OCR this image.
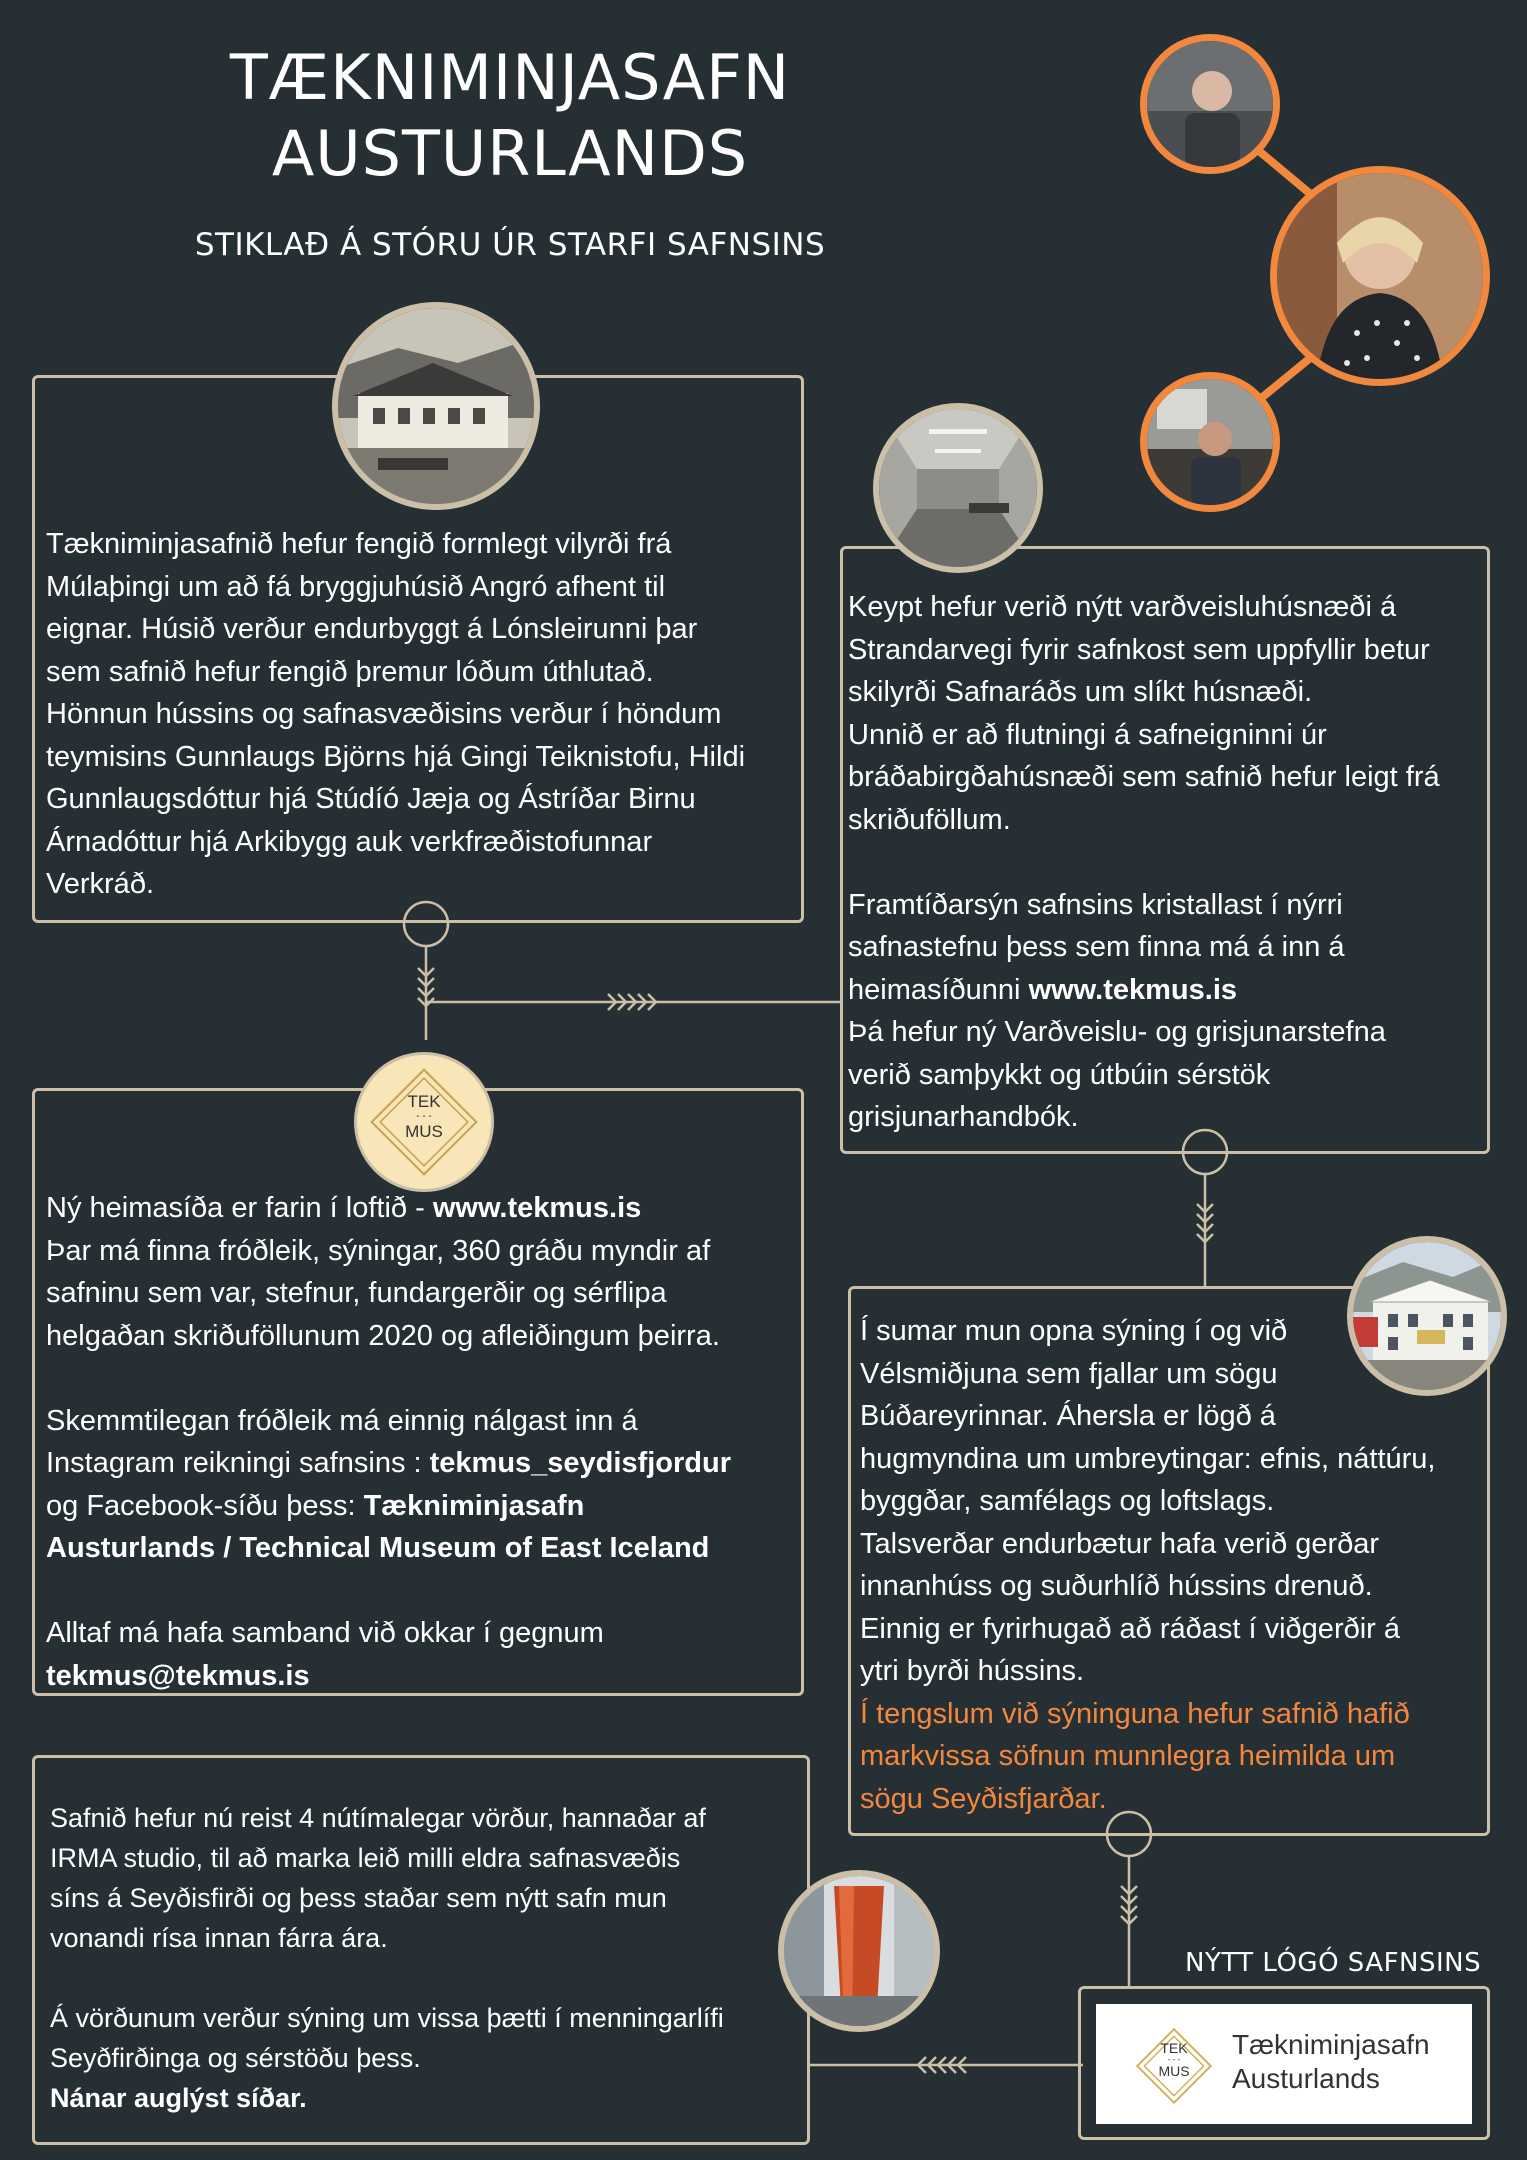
TÆKNIMINJASAFN
AUSTURLANDS
STIKLAÐ Á STÓRU ÚR STARFI SAFNSINS

Tækniminjasafnið hefur fengið formlegt vilyrði frá

Múlaþingi um að fá bryggjuhúsið Angró afhent til

eignar. Húsið verður endurbyggt á Lónsleirunni þar

sem safnið hefur fengið þremur lóðum úthlutað.

Hönnun hússins og safnasvæðisins verður í höndum

teymisins Gunnlaugs Björns hjá Gingi Teiknistofu, Hildi

Gunnlaugsdóttur hjá Stúdíó Jæja og Ástríðar Birnu

Árnadóttur hjá Arkibygg auk verkfræðistofunnar

Verkráð.

Keypt hefur verið nýtt varðveisluhúsnæði á

Strandarvegi fyrir safnkost sem uppfyllir betur

skilyrði Safnaráðs um slíkt húsnæði.

Unnið er að flutningi á safneigninni úr

bráðabirgðahúsnæði sem safnið hefur leigt frá

skriðuföllum.

Framtíðarsýn safnsins kristallast í nýrri

safnastefnu þess sem finna má á inn á

heimasíðunni www.tekmus.is

Þá hefur ný Varðveislu- og grisjunarstefna

verið samþykkt og útbúin sérstök

grisjunarhandbók.

TEK
- - -
MUS

Ný heimasíða er farin í loftið - www.tekmus.is

Þar má finna fróðleik, sýningar, 360 gráðu myndir af

safninu sem var, stefnur, fundargerðir og sérflipa

helgaðan skriðuföllunum 2020 og afleiðingum þeirra.

Skemmtilegan fróðleik má einnig nálgast inn á

Instagram reikningi safnsins : tekmus_seydisfjordur

og Facebook-síðu þess: Tækniminjasafn

Austurlands / Technical Museum of East Iceland

Alltaf má hafa samband við okkar í gegnum

tekmus@tekmus.is

Í sumar mun opna sýning í og við

Vélsmiðjuna sem fjallar um sögu

Búðareyrinnar. Áhersla er lögð á

hugmyndina um umbreytingar: efnis, náttúru,

byggðar, samfélags og loftslags.

Talsverðar endurbætur hafa verið gerðar

innanhúss og suðurhlíð hússins drenuð.

Einnig er fyrirhugað að ráðast í viðgerðir á

ytri byrði hússins.

Í tengslum við sýninguna hefur safnið hafið

markvissa söfnun munnlegra heimilda um

sögu Seyðisfjarðar.

Safnið hefur nú reist 4 nútímalegar vörður, hannaðar af

IRMA studio, til að marka leið milli eldra safnasvæðis

síns á Seyðisfirði og þess staðar sem nýtt safn mun

vonandi rísa innan fárra ára.

Á vörðunum verður sýning um vissa þætti í menningarlífi

Seyðfirðinga og sérstöðu þess.

Nánar auglýst síðar.

NÝTT LÓGÓ SAFNSINS
TEK
- - -
MUS
Tækniminjasafn
Austurlands
